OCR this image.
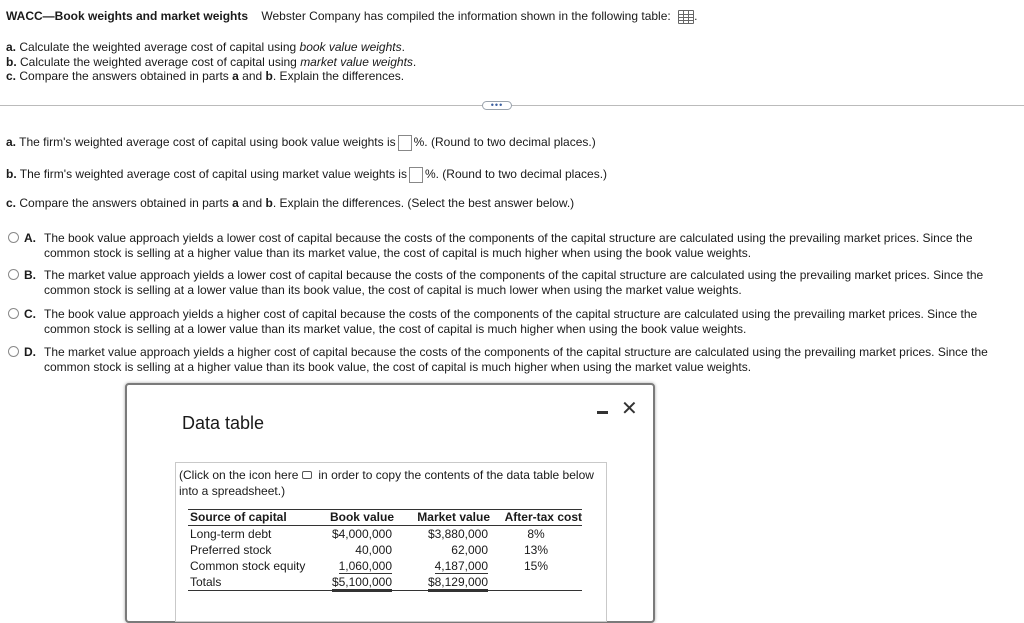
WACC—Book weights and market weights Webster Company has compiled the information shown in the following table: .
a. Calculate the weighted average cost of capital using book value weights.
b. Calculate the weighted average cost of capital using market value weights.
c. Compare the answers obtained in parts a and b. Explain the differences.
•••
a. The firm's weighted average cost of capital using book value weights is %. (Round to two decimal places.)
b. The firm's weighted average cost of capital using market value weights is %. (Round to two decimal places.)
c. Compare the answers obtained in parts a and b. Explain the differences. (Select the best answer below.)
A. The book value approach yields a lower cost of capital because the costs of the components of the capital structure are calculated using the prevailing market prices. Since the common stock is selling at a higher value than its market value, the cost of capital is much higher when using the book value weights.
B. The market value approach yields a lower cost of capital because the costs of the components of the capital structure are calculated using the prevailing market prices. Since the common stock is selling at a lower value than its book value, the cost of capital is much lower when using the market value weights.
C. The book value approach yields a higher cost of capital because the costs of the components of the capital structure are calculated using the prevailing market prices. Since the common stock is selling at a lower value than its market value, the cost of capital is much higher when using the book value weights.
D. The market value approach yields a higher cost of capital because the costs of the components of the capital structure are calculated using the prevailing market prices. Since the common stock is selling at a higher value than its book value, the cost of capital is much higher when using the market value weights.
Data table
✕
(Click on the icon here in order to copy the contents of the data table below into a spreadsheet.)
Source of capital	Book value	Market value	After-tax cost
Long-term debt	$4,000,000	$3,880,000	8%
Preferred stock	40,000	62,000	13%
Common stock equity	1,060,000	4,187,000	15%
Totals	$5,100,000	$8,129,000	
